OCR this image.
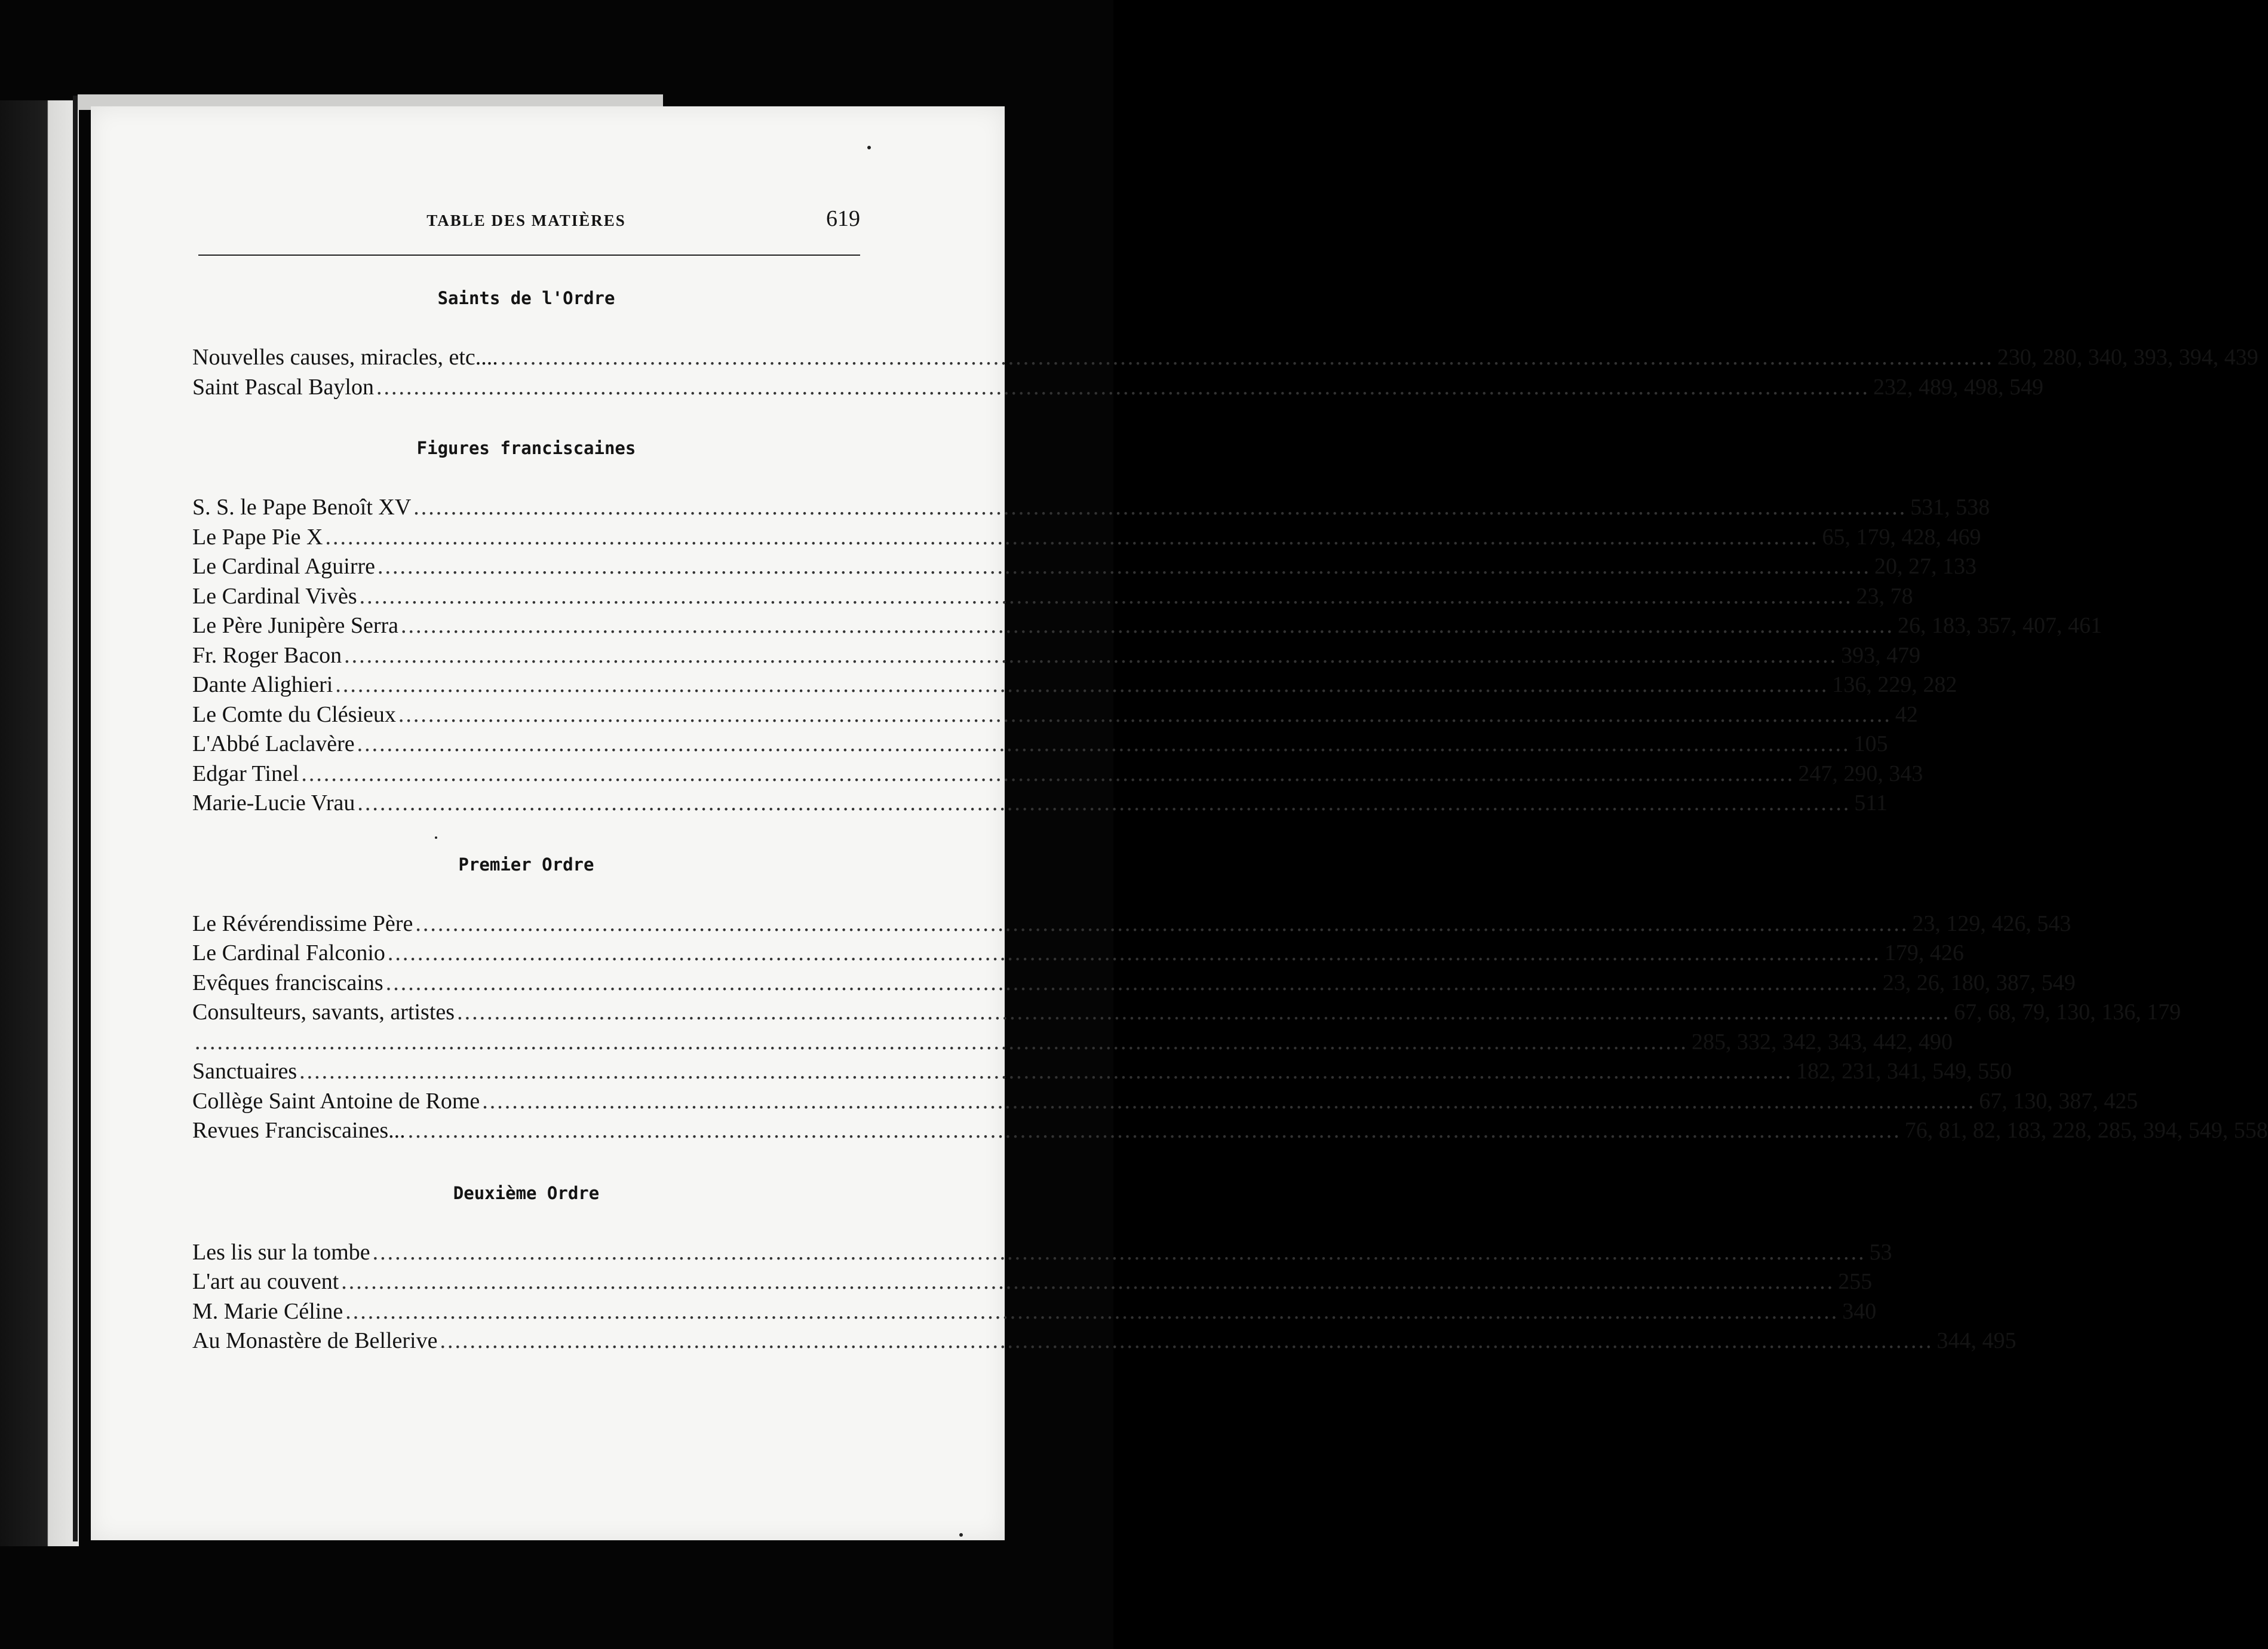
TABLE DES MATIÈRES	619
Saints de l'Ordre
Nouvelles causes, miracles, etc.... ........................................................................................................................................................................................................ 230, 280, 340, 393, 394, 439
Saint Pascal Baylon ........................................................................................................................................................................................................ 232, 489, 498, 549
Figures franciscaines
S. S. le Pape Benoît XV ........................................................................................................................................................................................................ 531, 538
Le Pape Pie X ........................................................................................................................................................................................................ 65, 179, 428, 469
Le Cardinal Aguirre ........................................................................................................................................................................................................ 20, 27, 133
Le Cardinal Vivès ........................................................................................................................................................................................................ 23, 78
Le Père Junipère Serra ........................................................................................................................................................................................................ 26, 183, 357, 407, 461
Fr. Roger Bacon ........................................................................................................................................................................................................ 393, 479
Dante Alighieri ........................................................................................................................................................................................................ 136, 229, 282
Le Comte du Clésieux ........................................................................................................................................................................................................ 42
L'Abbé Laclavère ........................................................................................................................................................................................................ 105
Edgar Tinel ........................................................................................................................................................................................................ 247, 290, 343
Marie-Lucie Vrau ........................................................................................................................................................................................................ 511
Premier Ordre
Le Révérendissime Père ........................................................................................................................................................................................................ 23, 129, 426, 543
Le Cardinal Falconio ........................................................................................................................................................................................................ 179, 426
Evêques franciscains ........................................................................................................................................................................................................ 23, 26, 180, 387, 549
Consulteurs, savants, artistes ........................................................................................................................................................................................................ 67, 68, 79, 130, 136, 179
........................................................................................................................................................................................................ 285, 332, 342, 343, 442, 490
Sanctuaires ........................................................................................................................................................................................................ 182, 231, 341, 549, 550
Collège Saint Antoine de Rome ........................................................................................................................................................................................................ 67, 130, 387, 425
Revues Franciscaines... ........................................................................................................................................................................................................ 76, 81, 82, 183, 228, 285, 394, 549, 558
Deuxième Ordre
Les lis sur la tombe ........................................................................................................................................................................................................ 53
L'art au couvent ........................................................................................................................................................................................................ 255
M. Marie Céline ........................................................................................................................................................................................................ 340
Au Monastère de Bellerive ........................................................................................................................................................................................................ 344, 495
